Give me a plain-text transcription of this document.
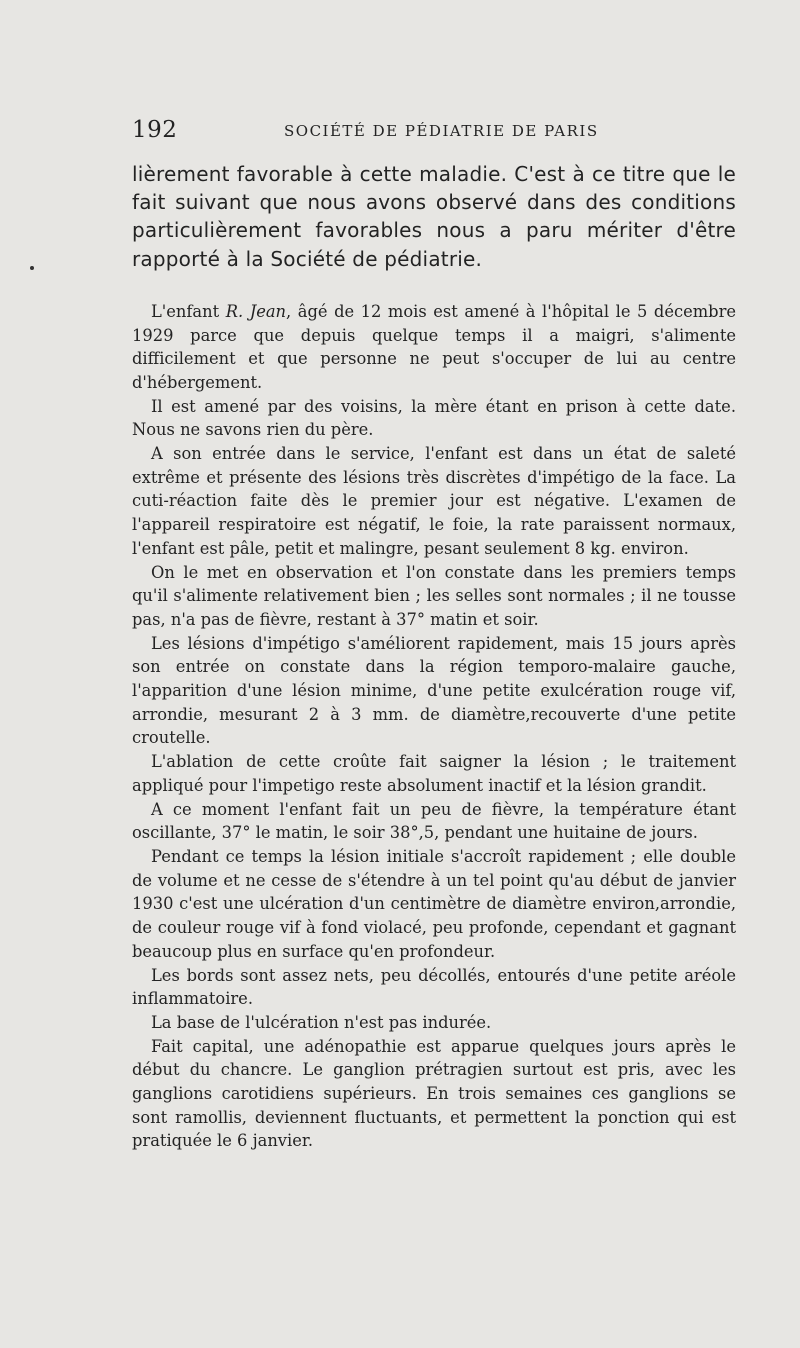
192	SOCIÉTÉ DE PÉDIATRIE DE PARIS

lièrement favorable à cette maladie. C'est à ce titre que le fait suivant que nous avons observé dans des conditions particulièrement favorables nous a paru mériter d'être rapporté à la Société de pédiatrie.

L'enfant R. Jean, âgé de 12 mois est amené à l'hôpital le 5 décembre 1929 parce que depuis quelque temps il a maigri, s'alimente difficilement et que personne ne peut s'occuper de lui au centre d'hébergement.

Il est amené par des voisins, la mère étant en prison à cette date. Nous ne savons rien du père.

A son entrée dans le service, l'enfant est dans un état de saleté extrême et présente des lésions très discrètes d'impétigo de la face. La cuti-réaction faite dès le premier jour est négative. L'examen de l'appareil respiratoire est négatif, le foie, la rate paraissent normaux, l'enfant est pâle, petit et malingre, pesant seulement 8 kg. environ.

On le met en observation et l'on constate dans les premiers temps qu'il s'alimente relativement bien ; les selles sont normales ; il ne tousse pas, n'a pas de fièvre, restant à 37° matin et soir.

Les lésions d'impétigo s'améliorent rapidement, mais 15 jours après son entrée on constate dans la région temporo-malaire gauche, l'apparition d'une lésion minime, d'une petite exulcération rouge vif, arrondie, mesurant 2 à 3 mm. de diamètre,recouverte d'une petite croutelle.

L'ablation de cette croûte fait saigner la lésion ; le traitement appliqué pour l'impetigo reste absolument inactif et la lésion grandit.

A ce moment l'enfant fait un peu de fièvre, la température étant oscillante, 37° le matin, le soir 38°,5, pendant une huitaine de jours.

Pendant ce temps la lésion initiale s'accroît rapidement ; elle double de volume et ne cesse de s'étendre à un tel point qu'au début de janvier 1930 c'est une ulcération d'un centimètre de diamètre environ,arrondie, de couleur rouge vif à fond violacé, peu profonde, cependant et gagnant beaucoup plus en surface qu'en profondeur.

Les bords sont assez nets, peu décollés, entourés d'une petite aréole inflammatoire.

La base de l'ulcération n'est pas indurée.

Fait capital, une adénopathie est apparue quelques jours après le début du chancre. Le ganglion prétragien surtout est pris, avec les ganglions carotidiens supérieurs. En trois semaines ces ganglions se sont ramollis, deviennent fluctuants, et permettent la ponction qui est pratiquée le 6 janvier.
